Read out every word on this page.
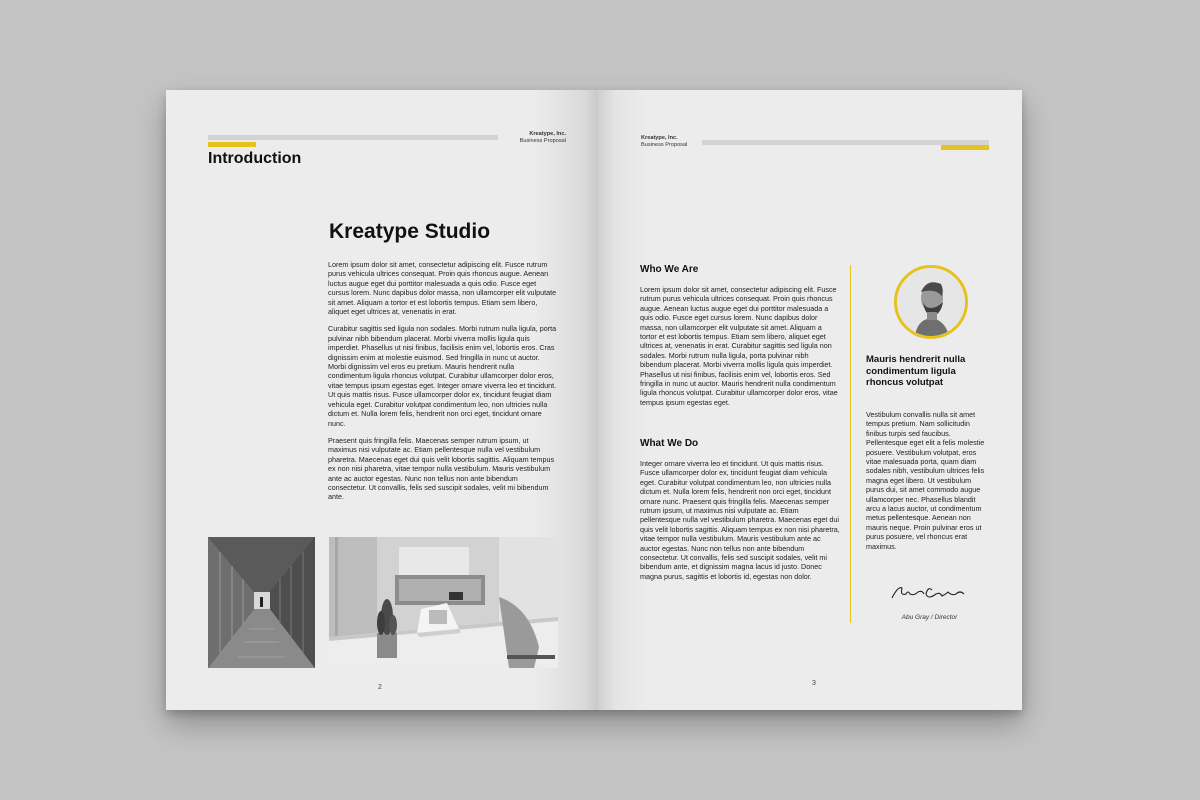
Kreatype, Inc.
Business Proposal
Introduction
Kreatype Studio

Lorem ipsum dolor sit amet, consectetur adipiscing elit. Fusce rutrum purus vehicula ultrices consequat. Proin quis rhoncus augue. Aenean luctus augue eget dui porttitor malesuada a quis odio. Fusce eget cursus lorem. Nunc dapibus dolor massa, non ullamcorper elit vulputate sit amet. Aliquam a tortor et est lobortis tempus. Etiam sem libero, aliquet eget ultrices at, venenatis in erat.

Curabitur sagittis sed ligula non sodales. Morbi rutrum nulla ligula, porta pulvinar nibh bibendum placerat. Morbi viverra mollis ligula quis imperdiet. Phasellus ut nisi finibus, facilisis enim vel, lobortis eros. Cras dignissim enim at molestie euismod. Sed fringilla in nunc ut auctor. Morbi dignissim vel eros eu pretium. Mauris hendrerit nulla condimentum ligula rhoncus volutpat. Curabitur ullamcorper dolor eros, vitae tempus ipsum egestas eget. Integer ornare viverra leo et tincidunt. Ut quis mattis risus. Fusce ullamcorper dolor ex, tincidunt feugiat diam vehicula eget. Curabitur volutpat condimentum leo, non ultricies nulla dictum et. Nulla lorem felis, hendrerit non orci eget, tincidunt ornare nunc.

Praesent quis fringilla felis. Maecenas semper rutrum ipsum, ut maximus nisi vulputate ac. Etiam pellentesque nulla vel vestibulum pharetra. Maecenas eget dui quis velit lobortis sagittis. Aliquam tempus ex non nisi pharetra, vitae tempor nulla vestibulum. Mauris vestibulum ante ac auctor egestas. Nunc non tellus non ante bibendum consectetur. Ut convallis, felis sed suscipit sodales, velit mi bibendum ante.

2
Kreatype, Inc.
Business Proposal
Who We Are

Lorem ipsum dolor sit amet, consectetur adipiscing elit. Fusce rutrum purus vehicula ultrices consequat. Proin quis rhoncus augue. Aenean luctus augue eget dui porttitor malesuada a quis odio. Fusce eget cursus lorem. Nunc dapibus dolor massa, non ullamcorper elit vulputate sit amet. Aliquam a tortor et est lobortis tempus. Etiam sem libero, aliquet eget ultrices at, venenatis in erat. Curabitur sagittis sed ligula non sodales. Morbi rutrum nulla ligula, porta pulvinar nibh bibendum placerat. Morbi viverra mollis ligula quis imperdiet. Phasellus ut nisi finibus, facilisis enim vel, lobortis eros. Sed fringilla in nunc ut auctor. Mauris hendrerit nulla condimentum ligula rhoncus volutpat. Curabitur ullamcorper dolor eros, vitae tempus ipsum egestas eget.

What We Do

Integer ornare viverra leo et tincidunt. Ut quis mattis risus. Fusce ullamcorper dolor ex, tincidunt feugiat diam vehicula eget. Curabitur volutpat condimentum leo, non ultricies nulla dictum et. Nulla lorem felis, hendrerit non orci eget, tincidunt ornare nunc. Praesent quis fringilla felis. Maecenas semper rutrum ipsum, ut maximus nisi vulputate ac. Etiam pellentesque nulla vel vestibulum pharetra. Maecenas eget dui quis velit lobortis sagittis. Aliquam tempus ex non nisi pharetra, vitae tempor nulla vestibulum. Mauris vestibulum ante ac auctor egestas. Nunc non tellus non ante bibendum consectetur. Ut convallis, felis sed suscipit sodales, velit mi bibendum ante, et dignissim magna lacus id justo. Donec magna purus, sagittis et lobortis id, egestas non dolor.

Mauris hendrerit nulla condimentum ligula rhoncus volutpat

Vestibulum convallis nulla sit amet tempus pretium. Nam sollicitudin finibus turpis sed faucibus. Pellentesque eget elit a felis molestie posuere. Vestibulum volutpat, eros vitae malesuada porta, quam diam sodales nibh, vestibulum ultrices felis magna eget libero. Ut vestibulum purus dui, sit amet commodo augue ullamcorper nec. Phasellus blandit arcu a lacus auctor, ut condimentum metus pellentesque. Aenean non mauris neque. Proin pulvinar eros ut purus posuere, vel rhoncus erat maximus.

Abu Gray / Director
3
